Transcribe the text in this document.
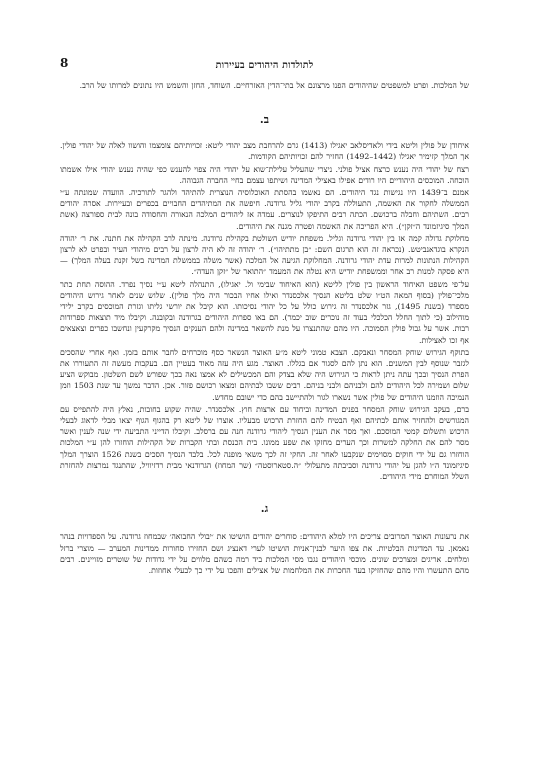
8	לתולדות היהודים בעיירות

של המלכות. ופרט למשפטים שהיהודים הפנו מרצונם אל בתי־הדין האזרחיים. השוחד, החזן והשמש היו נתונים למרותו של הרב.

ב.

איחודן של פולין וליטא בידי ולאדיסלאב יאגילו (1413) גרם להרחבת מצב יהודי ליטא: זכויותיהם צומצמו והושוו לאלה של יהודי פולין. אך המלך קזימיר יאגילו (1442–1492) החזיר להם זכויותיהם הקודמות.

רצח של יהודי היה נענש כרצח אציל פולני. ניצרי שהעליל עלילת־שוא על יהודי היה צפוי להענש כפי שהיה נענש יהודי אילו אשמתו הוכחה. המוכסים היהודיים היו רודים אפילו באצילי המדינה ושיתפו עצמם בחיי החברה הגבוהה.

אמנם ב־1439 היו נגישות נגד היהודים. הם נאשמו בהסתת האוכלוסיה הנוצרית להתיהד ולהגר לתורכיה. הוועדה שמונתה ע״י הממשלה לחקור את האשמה, התעוללה בקרב יהודי גליל גרודנה. חיפשה את המתיהדים החבויים בכפרים ובעיירות. אסרה יהודים רבים. השתיהם וחבלה ברכושם. הכתה רבים התיפקו לנוצרים. עמדה אז ליהודים המלכה הנאורה והחסודה בונה לבית ספורצה (אשת המלך סיגיזמונד ה״זקן״). היא הפריכה את האשמה ופטרה מגנה את היהודים.

מחלוקת גדולה קמה אז בין יהודי גרודנה וגליל. משפחת יודיש השולטת בקהילת גרודנה. מינתה לרב הקהילה את חתנה. את ר׳ יהודה הנקרא בוגדאנביטש. (נכראה זה הוא תרגום השם: ״בן מתתיהו״). ר׳ יהודה זה לא היה לרצון על רבים מיהודי העיר ובפרט לא לרצון הקהילות הנתונות למרות עדת יהודי גרודנה. המחלוקת הגיעה אל המלכה (אשר משלה בממשלת המדינה בשל זקנת בעלה המלך) — היא פסקה למנות רב אחר וממשפחת יודיש היא נטלה את המעמד ״התואר של ״זקן העדה״.

על־פי משפט האיחוד הראשון בין פולין לליטא (הוא האיחוד שבימי ול. יאגילו), התנהלה ליטא ע״י נסיך נפרד. ההוסה תחת כתר מלכי־פולין (בסוף המאה הט״ו שלט בליטא הנסיך אלכסנדר ואילו אחיו הבכור היה מלך פולין). שלוש שנים לאחר גירוש היהודים מספרד (בשנת 1495), גזר אלכסנדר זה גירוש כולל על כל יהודי נסיכותו. הוא קיבל את יורשי גליתו וגזרת המוכסים בקרב ילידי מוהילוב (כי לתוך החלל הכלכלי בעוד זה נוכרים שוב יכמר). הם באו ספרות היהודים בגרודנה ובקובנה. וקיבלו מיד תוצאות ספרודות רבות. אשר על גבול פולין הסמוכה. היו מהם שהתנצרו על מנת להשאר במדינה ולהם הענקים הנסיך מקרקעין ונחשבו כפרים וצאצאים אף זכו לאצילות.

בתוקף הגירוש שוחק המסחר ונאבקם. הצבא טמוני ליטא מ״ע האוצר הנשאר כסף מוכרחים לחבר אותם בזמן. ואף אחרי שהסכים לגזבר שנוסף לבין המשנים. הוא נתן להם לסגור אם בגללו. האוצר. מגע היה עזה מאוד בעטיין הם. בעקבות מעשה זה התעוררו את הפרת הנסיך ובכך עתה ניתן לראות כי הגירוש היה שלא בצדק והם המכשילים לא אמצו נאה בכך שפורש לשם השלטון. מבוקש הציע שלום ושמירה לכל היהודים להם ולבניהם ולבני בניהם. רבים ששבו לבתיהם ומצאו רכושם פזור. אכן. הדבר נמשך עד שנת 1503 וזמן הנמיכה הוזמנו היהודים של פולין אשר נשארו לגור ולהתיישב בהם כדי ישובם מחדש.

ברם, בעקב הגירוש שוחק המסחר בפנים המדינה וביחוד עם ארצות חוץ. אלכסנדר. שהיה שקוע בחובות, נאלץ היה להתפייס עם המגורשים ולהחזיר אותם לבתיהם ואף הבטיח להם החזרת הרכוש מבעליו. אוצרו של ליטא רק בהגוף הגוף יצאו מבלי לדאוג לבעלי הרכוש ותשלום קמטי המוסכם. ואך מסר את הענין הנסיך ליהודי גרודנה חנה עם ברסלב. וקיבלו הדייני התביעה ידי שנה לענין ואשר מסר להם את החלקה למשרות וכך הערים מחזקו את שפע ממונו. בית הכנסת ובתי הקברות של הקהילות הוחזרו להן ע״י המלכות הוחזרו גם על ידי חוקים מסוימים שנקבעו לאחר זה. החקי זה לכך משאי מופנה לכל. בלבד הנסיך הסכים בשנת 1526 הוצרך המלך סיגיזמונד ה״ו להגן על יהודי גרודנה וסביבתה מתעלולי ״ה.סטארוסטה״ (שר המחוז) הגרודנאי מבית רדזיוויל, שהתנגד נמרצות להחזרת השלל המוחרם מידי היהודים.

ג.

את נרעונות האוצר המרובים צריכים היו למלא היהודים: סוחרים יהודים הושיטו את ׳יבולי החבואה׳ שבמחוז גרודנה. על הספדויות בנהר נאמאן. עד המדינות הבלטיות. את צפו היער לבנין־אניות הושיטו לערי דאנציג ושם החזירו סחורות ממדינות המערב — מוצרי ברזל ומלחים. אריגים ומצרכים שונים. מוכסי היהודים נגבו מסי המלכות ביד רמה כשהם מלווים על ידי גדודות של שוטרים מזויינים. רבים מהם התעשרו והיו מהם שהחזיקו בעד החכרות את המלחמות של אצילים והפכו על ידי כך לבעלי אחוזות.
